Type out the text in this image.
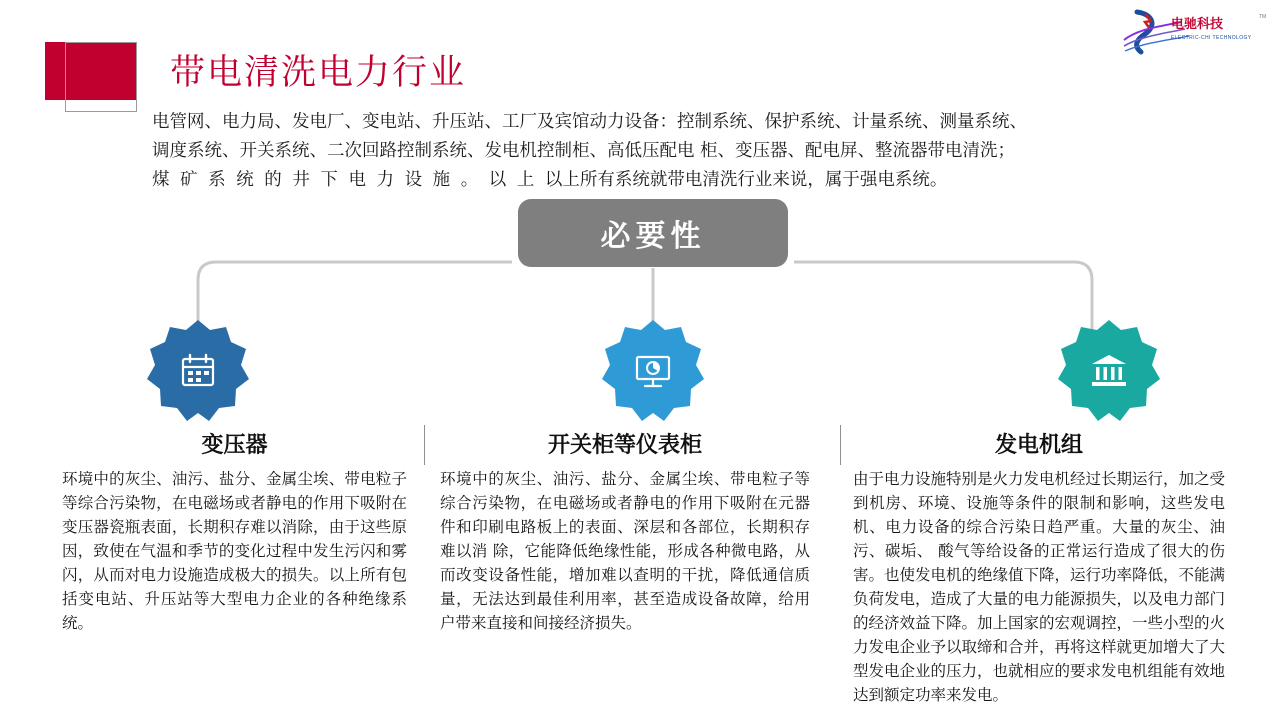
电驰科技
ELECTRIC-CHI TECHNOLOGY
TM
带电清洗电力行业
电管网、电力局、发电厂、变电站、升压站、工厂及宾馆动力设备：控制系统、保护系统、计量系统、测量系统、
调度系统、开关系统、二次回路控制系统、发电机控制柜、高低压配电 柜、变压器、配电屏、整流器带电清洗；
煤 矿 系 统 的 井 下 电 力 设 施 。 以 上 以上所有系统就带电清洗行业来说，属于强电系统。
必要性
变压器
环境中的灰尘、油污、盐分、金属尘埃、带电粒子等综合污染物，在电磁场或者静电的作用下吸附在变压器瓷瓶表面，长期积存难以消除，由于这些原因，致使在气温和季节的变化过程中发生污闪和雾闪，从而对电力设施造成极大的损失。以上所有包括变电站、升压站等大型电力企业的各种绝缘系统。
开关柜等仪表柜
环境中的灰尘、油污、盐分、金属尘埃、带电粒子等综合污染物，在电磁场或者静电的作用下吸附在元器件和印刷电路板上的表面、深层和各部位，长期积存难以消 除，它能降低绝缘性能，形成各种微电路，从而改变设备性能，增加难以查明的干扰，降低通信质量，无法达到最佳利用率，甚至造成设备故障，给用户带来直接和间接经济损失。
发电机组
由于电力设施特别是火力发电机经过长期运行，加之受到机房、环境、设施等条件的限制和影响，这些发电机、电力设备的综合污染日趋严重。大量的灰尘、油污、碳垢、 酸气等给设备的正常运行造成了很大的伤害。也使发电机的绝缘值下降，运行功率降低，不能满负荷发电，造成了大量的电力能源损失，以及电力部门的经济效益下降。加上国家的宏观调控，一些小型的火力发电企业予以取缔和合并，再将这样就更加增大了大型发电企业的压力，也就相应的要求发电机组能有效地达到额定功率来发电。
